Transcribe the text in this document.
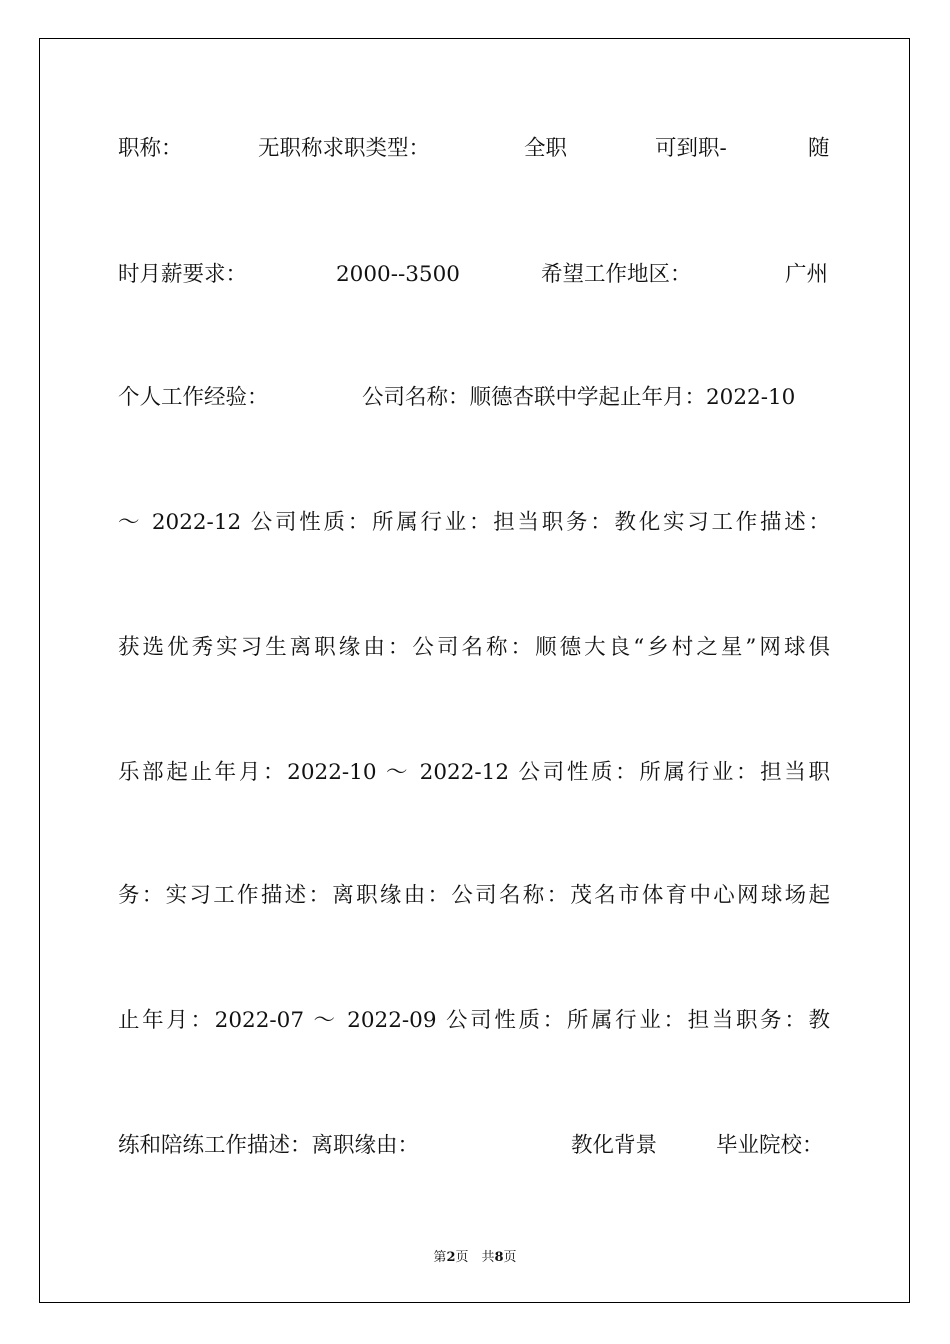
职称：	无职称求职类型：	全职	可到职-	随
时月薪要求：	2000--3500	希望工作地区：	广州
个人工作经验：	公司名称：顺德杏联中学起止年月：2022-10
～ 2022-12 公司性质：所属行业：担当职务：教化实习工作描述：
获选优秀实习生离职缘由：公司名称：顺德大良“乡村之星”网球俱
乐部起止年月：2022-10 ～ 2022-12 公司性质：所属行业：担当职
务：实习工作描述：离职缘由：公司名称：茂名市体育中心网球场起
止年月：2022-07 ～ 2022-09 公司性质：所属行业：担当职务：教
练和陪练工作描述：离职缘由：	教化背景	毕业院校：
第2页　共8页
